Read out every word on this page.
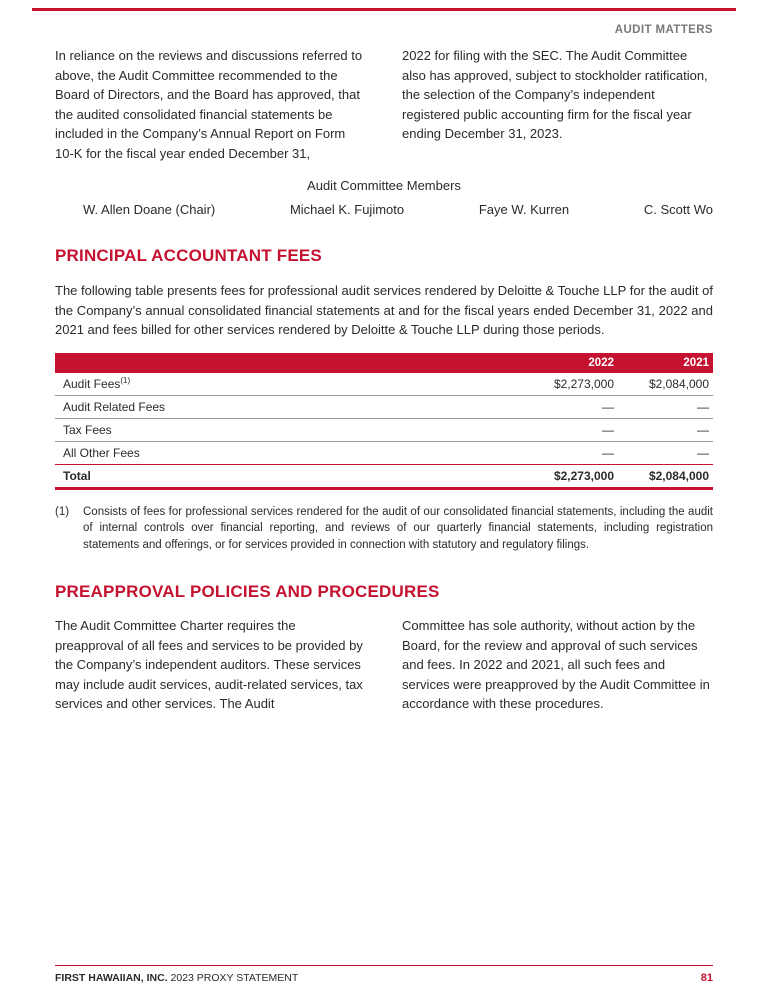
AUDIT MATTERS

In reliance on the reviews and discussions referred to above, the Audit Committee recommended to the Board of Directors, and the Board has approved, that the audited consolidated financial statements be included in the Company’s Annual Report on Form 10-K for the fiscal year ended December 31,

2022 for filing with the SEC. The Audit Committee also has approved, subject to stockholder ratification, the selection of the Company’s independent registered public accounting firm for the fiscal year ending December 31, 2023.

Audit Committee Members
W. Allen Doane (Chair)	Michael K. Fujimoto	Faye W. Kurren	C. Scott Wo
PRINCIPAL ACCOUNTANT FEES

The following table presents fees for professional audit services rendered by Deloitte & Touche LLP for the audit of the Company’s annual consolidated financial statements at and for the fiscal years ended December 31, 2022 and 2021 and fees billed for other services rendered by Deloitte & Touche LLP during those periods.

	2022	2021
Audit Fees$^{(1)}$	$2,273,000	$2,084,000
Audit Related Fees	—	—
Tax Fees	—	—
All Other Fees	—	—
Total	$2,273,000	$2,084,000
(1)	Consists of fees for professional services rendered for the audit of our consolidated financial statements, including the audit of internal controls over financial reporting, and reviews of our quarterly financial statements, including registration statements and offerings, or for services provided in connection with statutory and regulatory filings.
PREAPPROVAL POLICIES AND PROCEDURES

The Audit Committee Charter requires the preapproval of all fees and services to be provided by the Company’s independent auditors. These services may include audit services, audit-related services, tax services and other services. The Audit

Committee has sole authority, without action by the Board, for the review and approval of such services and fees. In 2022 and 2021, all such fees and services were preapproved by the Audit Committee in accordance with these procedures.

FIRST HAWAIIAN, INC. 2023 PROXY STATEMENT	81
